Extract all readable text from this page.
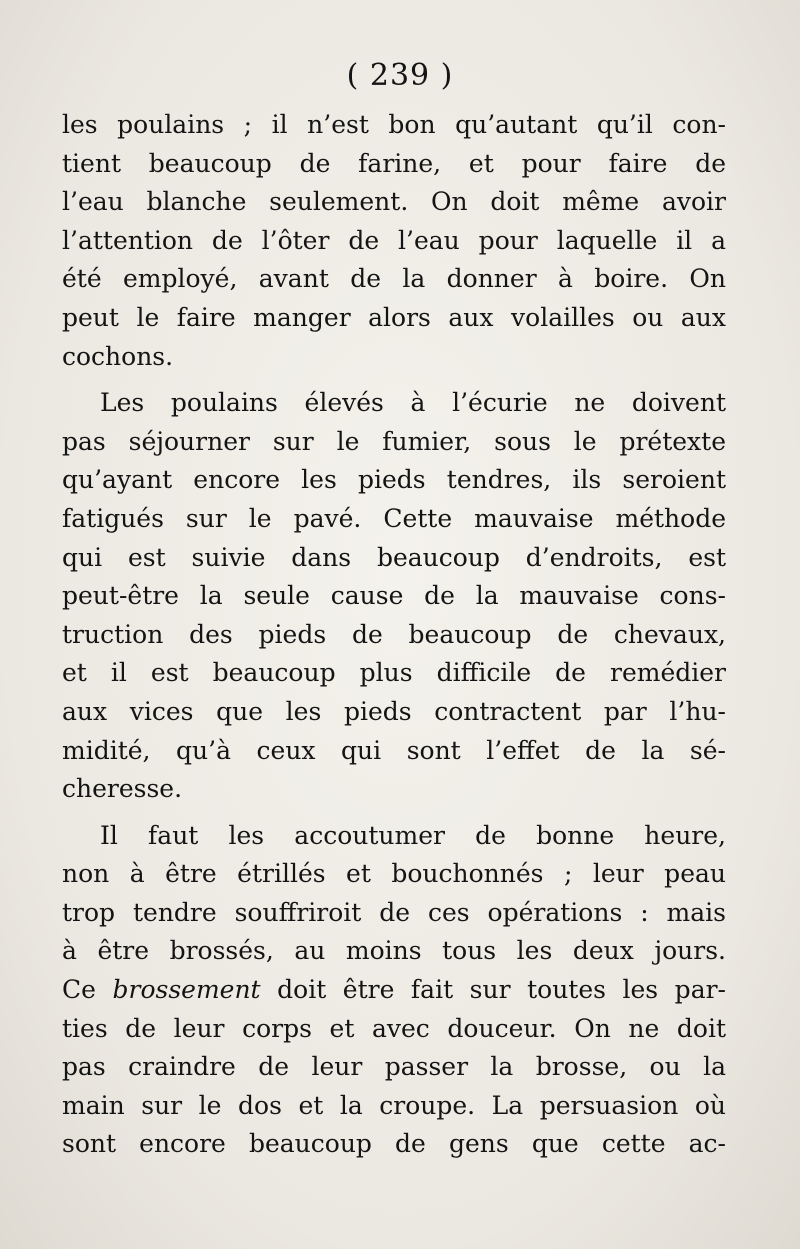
( 239 )
les poulains ; il n’est bon qu’autant qu’il con-
tient beaucoup de farine, et pour faire de
l’eau blanche seulement. On doit même avoir
l’attention de l’ôter de l’eau pour laquelle il a
été employé, avant de la donner à boire. On
peut le faire manger alors aux volailles ou aux
cochons.
Les poulains élevés à l’écurie ne doivent
pas séjourner sur le fumier, sous le prétexte
qu’ayant encore les pieds tendres, ils seroient
fatigués sur le pavé. Cette mauvaise méthode
qui est suivie dans beaucoup d’endroits, est
peut-être la seule cause de la mauvaise cons-
truction des pieds de beaucoup de chevaux,
et il est beaucoup plus difficile de remédier
aux vices que les pieds contractent par l’hu-
midité, qu’à ceux qui sont l’effet de la sé-
cheresse.
Il faut les accoutumer de bonne heure,
non à être étrillés et bouchonnés ; leur peau
trop tendre souffriroit de ces opérations : mais
à être brossés, au moins tous les deux jours.
Ce brossement doit être fait sur toutes les par-
ties de leur corps et avec douceur. On ne doit
pas craindre de leur passer la brosse, ou la
main sur le dos et la croupe. La persuasion où
sont encore beaucoup de gens que cette ac-
